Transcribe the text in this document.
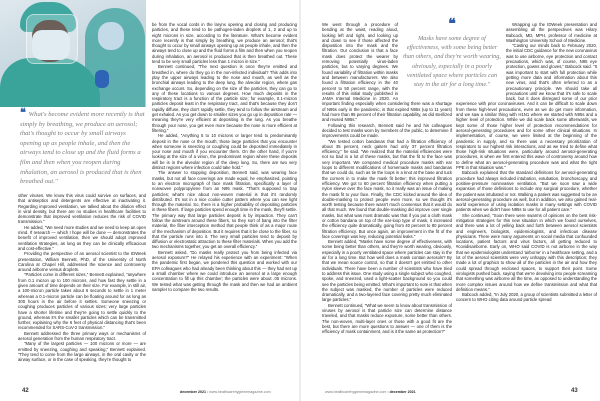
❝ What's become evident more recently is that simply by breathing, we produce an aerosol; that's thought to occur by small airways opening up as people inhale, and then the airways tend to close up and the fluid forms a film and then when you reopen during inhalation, an aerosol is produced that is then breathed out."

other viruses. We know this virus could survive on surfaces, and that antiseptics and detergents are effective at inactivating it. Regarding improved ventilation, we talked about the dilution effect in viral density, but there are no studies in healthcare facilities to demonstrate that improved ventilation reduces the risk of COVID transmission."

He added, "We need more studies and we need to keep an open mind. If research — which I hope will be done — demonstrates the benefit of improved ventilation, then we should adopt improved ventilation strategies, as long as they can be clinically efficacious and cost-effective."

Providing the perspective of an aerosol scientist to the IDWeek presentation, William Bennett, PhD, of the University of North Carolina at Chapel Hill, addressed the science and controversy around airborne versus droplets.

"Particles come in different sizes," Bennett explained, "anywhere from 0.1 micron up to 100 microns, and how fast they settle in a given amount of time depends on their size. For example, in still air, a 100-micron particle takes about 6 seconds to settle in 1 meter whereas a 0.1-micron particle can be floating around for as long as 300 hours in the air before it settles. Someone sneezing or coughing produces particles of various sizes; very large particles have a shorter lifetime and they're going to settle quickly to the ground, whereas it's the smaller particles which can be transmitted further, explaining why the 6 feet of physical distancing that's been recommended for SARS-CoV-2 transmission."

Bennett addressed the three primary ways or mechanisms of aerosol generation from the human respiratory tract.

"Many of the largest particles — 100 microns or more — are emitted by sneezing, coughing and speaking," Bennett explained. "They tend to come from the large airways, in the oral cavity or the airway surface, or in the case of speaking, they're thought to

be from the vocal cords in the larynx opening and closing and producing particles, and these tend to be pathogen-laden droplets of 1, 2 and up to eight microns in size, according to the literature. What's become evident more recently is that simply by breathing, we produce an aerosol; that's thought to occur by small airways opening up as people inhale, and then the airways tend to close up and the fluid forms a film and then when you reopen during inhalation, an aerosol is produced that is then breathed out. These tend to be very small particles less than 1 micron in size."

Bennett continued, "The next question is once they're emitted and breathed in, where do they go in the non-infected individual? This adds into play the upper airways leading to the nose and mouth, as well as the bronchial airways leading to the deep lung, the alveolar region, where gas exchange occurs. So, depending on the size of the particles, they can go to any of these locations to various degrees. How much deposits in the respiratory tract is a function of the particle size; for example, 0.1-micron particles deposit least in the respiratory tract, and that's because they don't rapidly diffuse, they don't rapidly settle, they tend to follow the airstream and get exhaled. As you get down to smaller sizes you go up in deposition rate — meaning they're very efficient at depositing in the lung. As you breathe through your nose, you get even more because the nose is more efficient at filtering."

He added, "Anything 5 to 10 microns or larger tend to predominantly deposit in the nose or the mouth; those large particles that you encounter when someone is sneezing or coughing could be deposited immediately in your nose and mouth if you encounter them. On the other hand, if you're looking at the size of a virion, the predominant region where these deposits will be is in the alveolar region of the deep lung. So, there are two very distinct regions where infection could take hold."

The answer to stopping deposition, Bennett said, was wearing face masks, but not all face coverings are made equal, he emphasized, pointing to an electron micrograph of face mask filtration, specifically a layer of nonwoven polypropylene from an N95 mask. "That's supposed to trap particles; what's nice about non-woven material is that it's randomly distributed. It's not in a nice cookie cutter pattern where you can see light through the material. So, there is a higher probability of depositing particles in these fibers. If large particles spend enough time in the mask, they'll settle. The primary way that large particles deposit is by impaction. They can't follow the airstream around these fibers, so they sort of bang into the filter material, the fiber interception method that people think of as a major route of the mechanism of deposition. But it requires that it be close to the fiber, so that the particle runs into it. The very small particles tend to deposit by diffusion or electrostatic attraction to these filter materials. When you add the two mechanisms together, you get an overall efficiency."

Bennett asked, "Do masks really protect you from being infected via aerosol exposure?" He relayed his experience with an experiment: "When the pandemic first began, we pondered this question and worked with our EPA colleagues who had already been thinking about this — they had set up a small chamber where we could introduce an aerosol at a large enough concentration to fill up this chamber; the particles were about .05 microns. We tested what was getting through the mask and then we had an ambient sampler to compare the two results.

42	december 2021 • www.healthcarehygienemagazine.com
❝
Masks have some degree of effectiveness, with some being better than others, and they're worth wearing, obviously, especially in a poorly ventilated space where particles can stay in the air for a long time."

We went through a procedure of bending at the waist, reading aloud, looking left and right, and looking up and down to see if those affected the disposition into the mask and the filtration. Our conclusion is that a face mask does protect the wearer by removing potentially virus-laden particles, but to varying degrees. We found variability of filtration within masks and between manufacturers. We also found a filtration efficiency in the 40 percent to 50 percent range, with the results of this initial study published in JAMA Internal Medicine in 2020. An important finding especially when considering there was a shortage of N95s early in the pandemic, is that expired N95s (up to 11 years) had more than 95 percent of their filtration capability, as did sterilized and reused N95s."

Following this research, Bennett said he and his colleagues decided to test masks worn by members of the public, to determine if improvements could be made.

"We tested cotton bandanas that had a filtration efficiency of about 35 percent, neck gaiters had only 37 percent filtration efficiency," he said. "We realized that the material efficiencies were not so bad in a lot of these masks, but that the fit to the face was very important. We compared medical procedure masks with ear loops to different modifications of homemade masks and bandanas that we could do, such as tie the loops in a knot at the base and tuck the corners in to make the mask fit better; this improved filtration efficiency. We got to 60 percent filtration efficiency when putting a nylon sleeve over the face mask, so it really was an issue of making the mask fit to your face. Finally, the CDC kicked around the idea of double-masking to protect people even more, so we thought it's worth testing because there wasn't much consensus that it would do all that much. We found that double-masking did improve over single masks, but what was most dramatic was that if you put a cloth mask or cotton bandana on top of the ear-loop type of mask, it increased the efficiency quite dramatically, going from 40 percent to 80 percent filtration efficiency. But once again, an improvement in the fit of the face coverings was key, reducing potential leaks."

Bennett added, "Masks have some degree of effectiveness, with some being better than others, and they're worth wearing, obviously, especially in a poorly ventilated space where particles can stay in the air for a long time. But how well does a mask contain aerosols? By that we mean source control, so that it doesn't get emitted to other individuals. There have been a number of scientists who have tried to address this issue. One study using a single subject who coughed, spoke, and sneezed, used a light-scatter background so you could see the particles being emitted. What's important to note is that when the subject was masked, the number of particles were reduced dramatically, and a two-layered face covering pretty much eliminated large particles."

Bennett continued, "What we seem to know about transmission of viruses by aerosol is that particle size can determine distance traveled, and that masks reduce exposure, some better than others. The non-woven, multi-layer ones or those with a good fit are the best, but there are more questions to answer — one of them is the efficiency of mask containment, and is it the same as protection?"

Wrapping up the IDWeek presentation and assembling all the perspectives was Hilary Babcock, MD, MPH, professor of medicine at Washington University School of Medicine.

"Casting our minds back to February 2020, the initial CDC guidance for the new coronavirus was to use airborne, eye protection and contact precautions, which was, of course, N95 eye protection, gowns and gloves," Babcock said. "It was important to start with full protection while getting more data and information about this new virus, and that's often referred to as a precautionary principle. We should take all precautions until we know that it's safe to scale back, but it does disregard some of our prior experience with prior coronaviruses. And it can be difficult to scale down from these high-level precautions, even as we do get more information, and we saw a similar thing with H1N1 where we started with N95s and a higher level of protection. While we did scale back some afterwards, we kept some of those higher level of protection recommendations for aerosol-generating procedures and for some other clinical situations. In implementation, of course, we were limited at the beginning of the pandemic in supply, and so there was a necessary prioritization of respirators to our highest risk interactions, and as we tried to define what those high-risk situations were, particularly around aerosol-generating procedures, is when we first entered this wave of controversy around how to define what an aerosol-generating procedure was and what the right PPE in that situation was."

Babcock explained that the standard definitions for aerosol-generating procedure had always included intubation, extubation, bronchoscopy, and positive-pressure noninvasive ventilation. "But we soon saw a wide expansion of those definitions to include any surgical procedure, whether the patient was intubated or not. Walking a patient was suggested to be an aerosol-generating procedure as well, but in addition, we also gained real-world experience of using isolation masks in many settings with COVID patients when we didn't have N95s to use for all patient care."

She continued, "Soon there were swarms of opinions on the best risk-mitigation strategies for this new situation in which we found ourselves, and there was a lot of yelling back and forth between aerosol scientists and engineers, biologists, epidemiologists, and infectious disease physicians. There were many arguments on social media that confounded locations, patient factors and virus factors, all getting reduced to #covidisairborne. Early on, WHO said COVID is not airborne in the way that we epidemiologists understand 'airborne' in a healthcare setting, and a lot of the aerosol scientists were very unhappy with this description; they made a lot of graphics to show all of the particles in the air and how they could spread through enclosed spaces, to support their point. Some virologists pushed back, saying that we're devolving into people screaming that something was airborne all the time, as opposed to understanding the more complex issues around how we define transmission and what that definition means."

Babcock added, "In July 2020, a group of scientists submitted a letter of concern to WHO citing data around particle spread

www.healthcarehygienemagazine.com • december 2021	43
